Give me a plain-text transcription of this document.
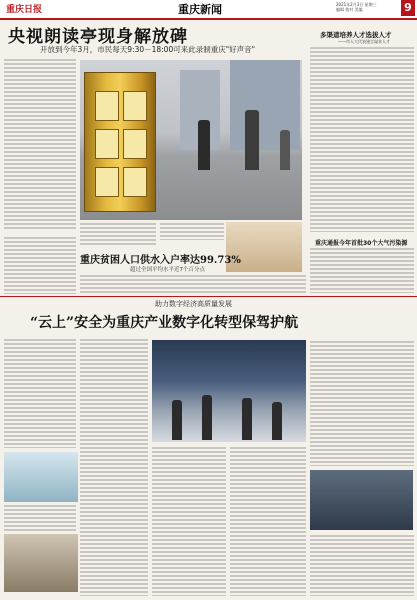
重庆日报	重庆新闻	2021年2月3日 星期三
编辑 校对 美编	9
央视朗读亭现身解放碑
开放到今年3月，市民每天9:30－18:00可来此录制重庆"好声音"
多渠道培养人才选拔人才
——市人大代表建言谋求人才
重庆通报今年首批30个大气污染源
重庆贫困人口供水入户率达99.73%
超过全国平均水平近7个百分点
助力数字经济高质量发展
“云上”安全为重庆产业数字化转型保驾护航
